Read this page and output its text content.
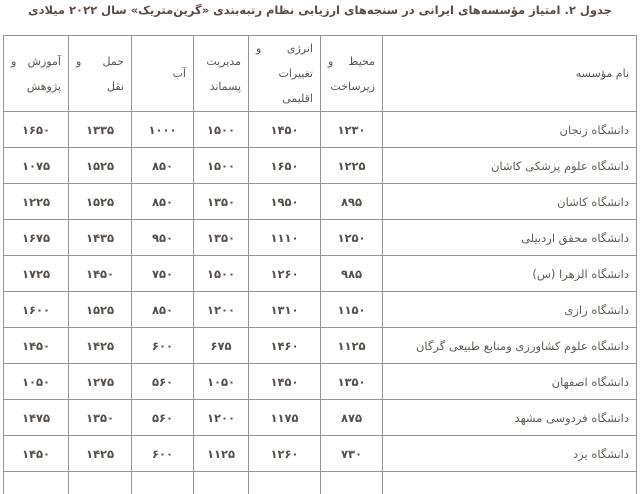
جدول ۲. امتیاز مؤسسه‌های ایرانی در سنجه‌های ارزیابی نظام رتبه‌بندی «گرین‌متریک» سال ۲۰۲۲ میلادی
نام مؤسسه	محیط و زیرساخت	انرژی و تغییرات اقلیمی	مدیریت پسماند	آب	حمل و نقل	آموزش و پژوهش
دانشگاه زنجان	۱۲۳۰	۱۴۵۰	۱۵۰۰	۱۰۰۰	۱۳۳۵	۱۶۵۰
دانشگاه علوم پزشکی کاشان	۱۲۲۵	۱۶۵۰	۱۵۰۰	۸۵۰	۱۵۲۵	۱۰۷۵
دانشگاه کاشان	۸۹۵	۱۹۵۰	۱۳۵۰	۸۵۰	۱۵۲۵	۱۲۲۵
دانشگاه محقق اردبیلی	۱۲۵۰	۱۱۱۰	۱۳۵۰	۹۵۰	۱۴۳۵	۱۶۷۵
دانشگاه الزهرا (س)	۹۸۵	۱۲۶۰	۱۵۰۰	۷۵۰	۱۴۵۰	۱۷۲۵
دانشگاه رازی	۱۱۵۰	۱۳۱۰	۱۲۰۰	۸۵۰	۱۵۲۵	۱۶۰۰
دانشگاه علوم کشاورزی ومنابع طبیعی گرگان	۱۱۲۵	۱۴۶۰	۶۷۵	۶۰۰	۱۴۲۵	۱۴۵۰
دانشگاه اصفهان	۱۳۵۰	۱۴۵۰	۱۰۵۰	۵۶۰	۱۲۷۵	۱۰۵۰
دانشگاه فردوسی مشهد	۸۷۵	۱۱۷۵	۱۲۰۰	۵۶۰	۱۳۵۰	۱۴۷۵
دانشگاه یزد	۷۳۰	۱۲۶۰	۱۱۲۵	۶۰۰	۱۴۲۵	۱۴۵۰
